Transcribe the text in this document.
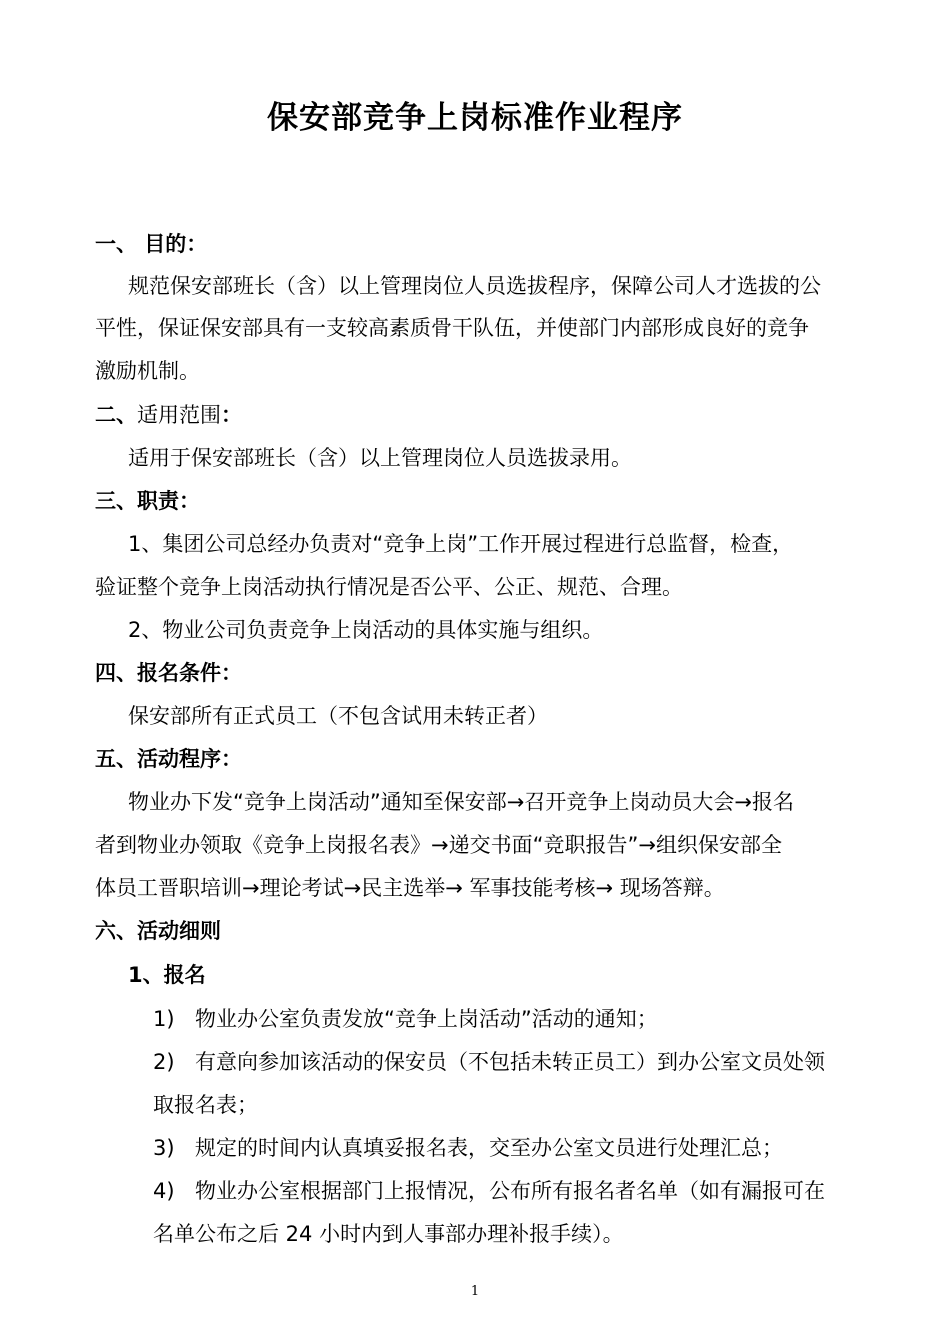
保安部竞争上岗标准作业程序
一、 目的：
规范保安部班长（含）以上管理岗位人员选拔程序，保障公司人才选拔的公
平性，保证保安部具有一支较高素质骨干队伍，并使部门内部形成良好的竞争
激励机制。
二、适用范围：
适用于保安部班长（含）以上管理岗位人员选拔录用。
三、职责：
1、集团公司总经办负责对“竞争上岗”工作开展过程进行总监督，检查，
验证整个竞争上岗活动执行情况是否公平、公正、规范、合理。
2、物业公司负责竞争上岗活动的具体实施与组织。
四、报名条件：
保安部所有正式员工（不包含试用未转正者）
五、活动程序：
物业办下发“竞争上岗活动”通知至保安部→召开竞争上岗动员大会→报名
者到物业办领取《竞争上岗报名表》→递交书面“竞职报告”→组织保安部全
体员工晋职培训→理论考试→民主选举→ 军事技能考核→ 现场答辩。
六、活动细则
1、报名
1) 物业办公室负责发放“竞争上岗活动”活动的通知；
2) 有意向参加该活动的保安员（不包括未转正员工）到办公室文员处领
取报名表；
3) 规定的时间内认真填妥报名表，交至办公室文员进行处理汇总；
4) 物业办公室根据部门上报情况，公布所有报名者名单（如有漏报可在
名单公布之后 24 小时内到人事部办理补报手续）。
1
